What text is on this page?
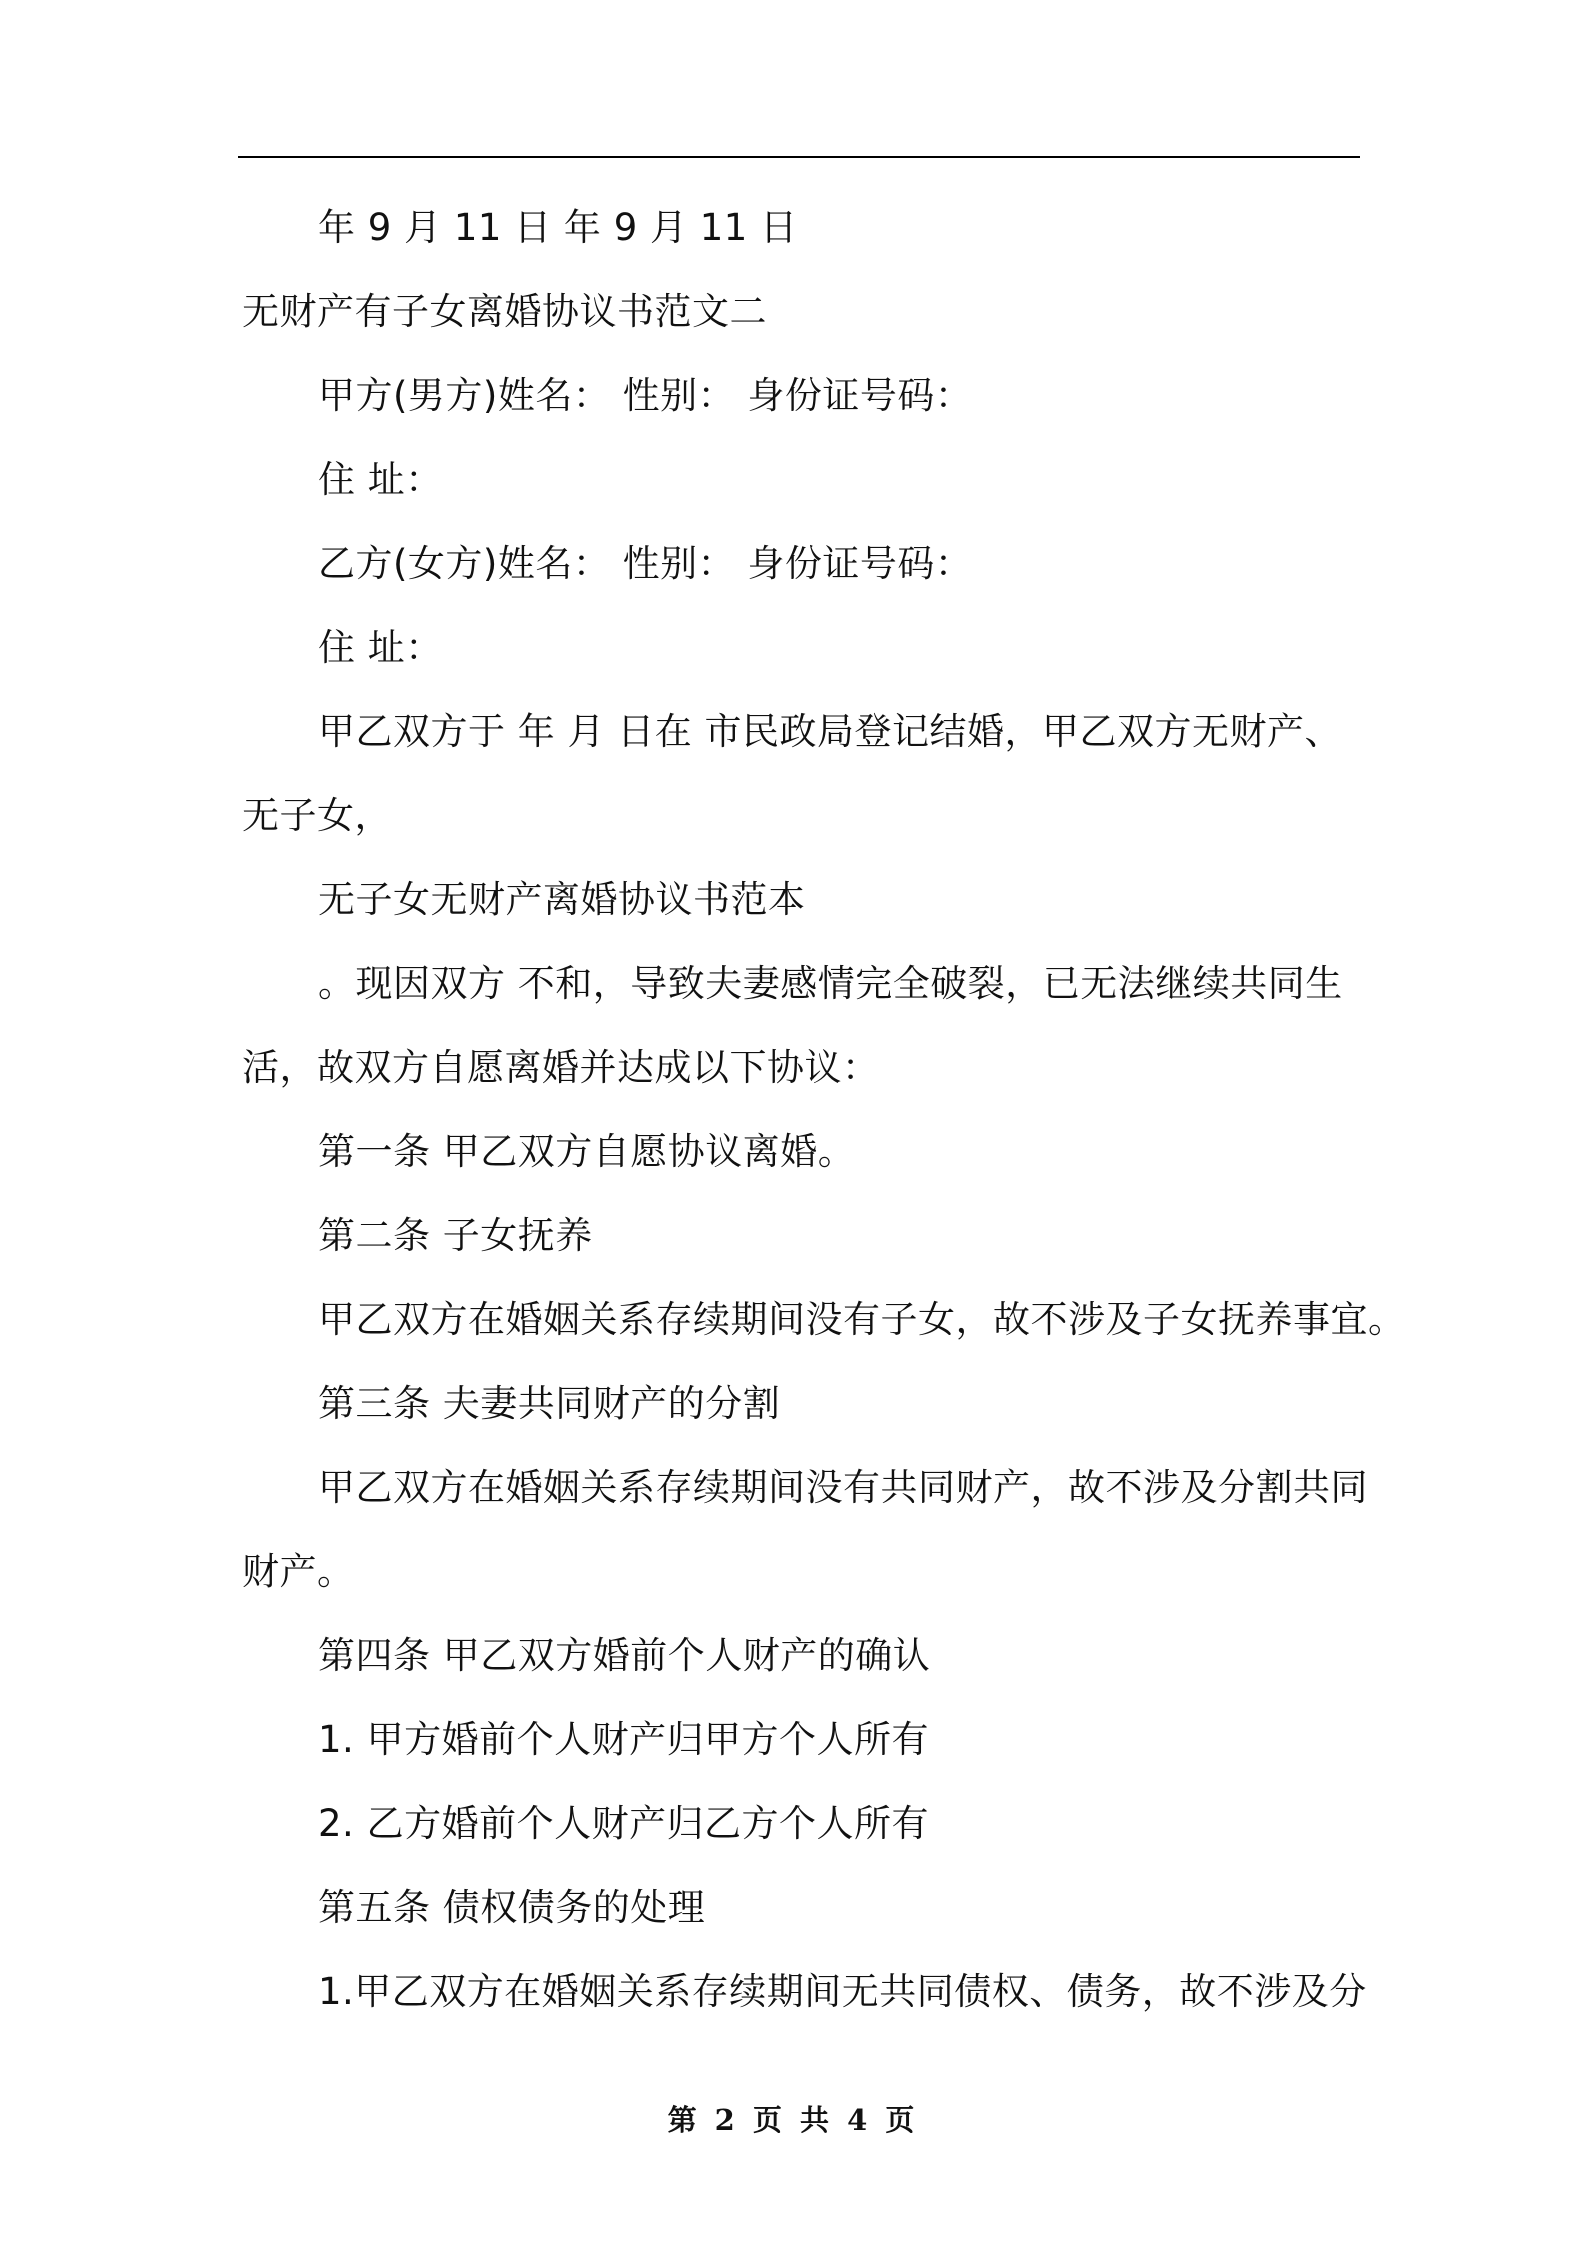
年 9 月 11 日 年 9 月 11 日
无财产有子女离婚协议书范文二
甲方(男方)姓名： 性别： 身份证号码：
住 址：
乙方(女方)姓名： 性别： 身份证号码：
住 址：
甲乙双方于 年 月 日在 市民政局登记结婚，甲乙双方无财产、
无子女，
无子女无财产离婚协议书范本
。现因双方 不和，导致夫妻感情完全破裂，已无法继续共同生
活，故双方自愿离婚并达成以下协议：
第一条 甲乙双方自愿协议离婚。
第二条 子女抚养
甲乙双方在婚姻关系存续期间没有子女，故不涉及子女抚养事宜。
第三条 夫妻共同财产的分割
甲乙双方在婚姻关系存续期间没有共同财产，故不涉及分割共同
财产。
第四条 甲乙双方婚前个人财产的确认
1. 甲方婚前个人财产归甲方个人所有
2. 乙方婚前个人财产归乙方个人所有
第五条 债权债务的处理
1.甲乙双方在婚姻关系存续期间无共同债权、债务，故不涉及分
第 2 页 共 4 页
